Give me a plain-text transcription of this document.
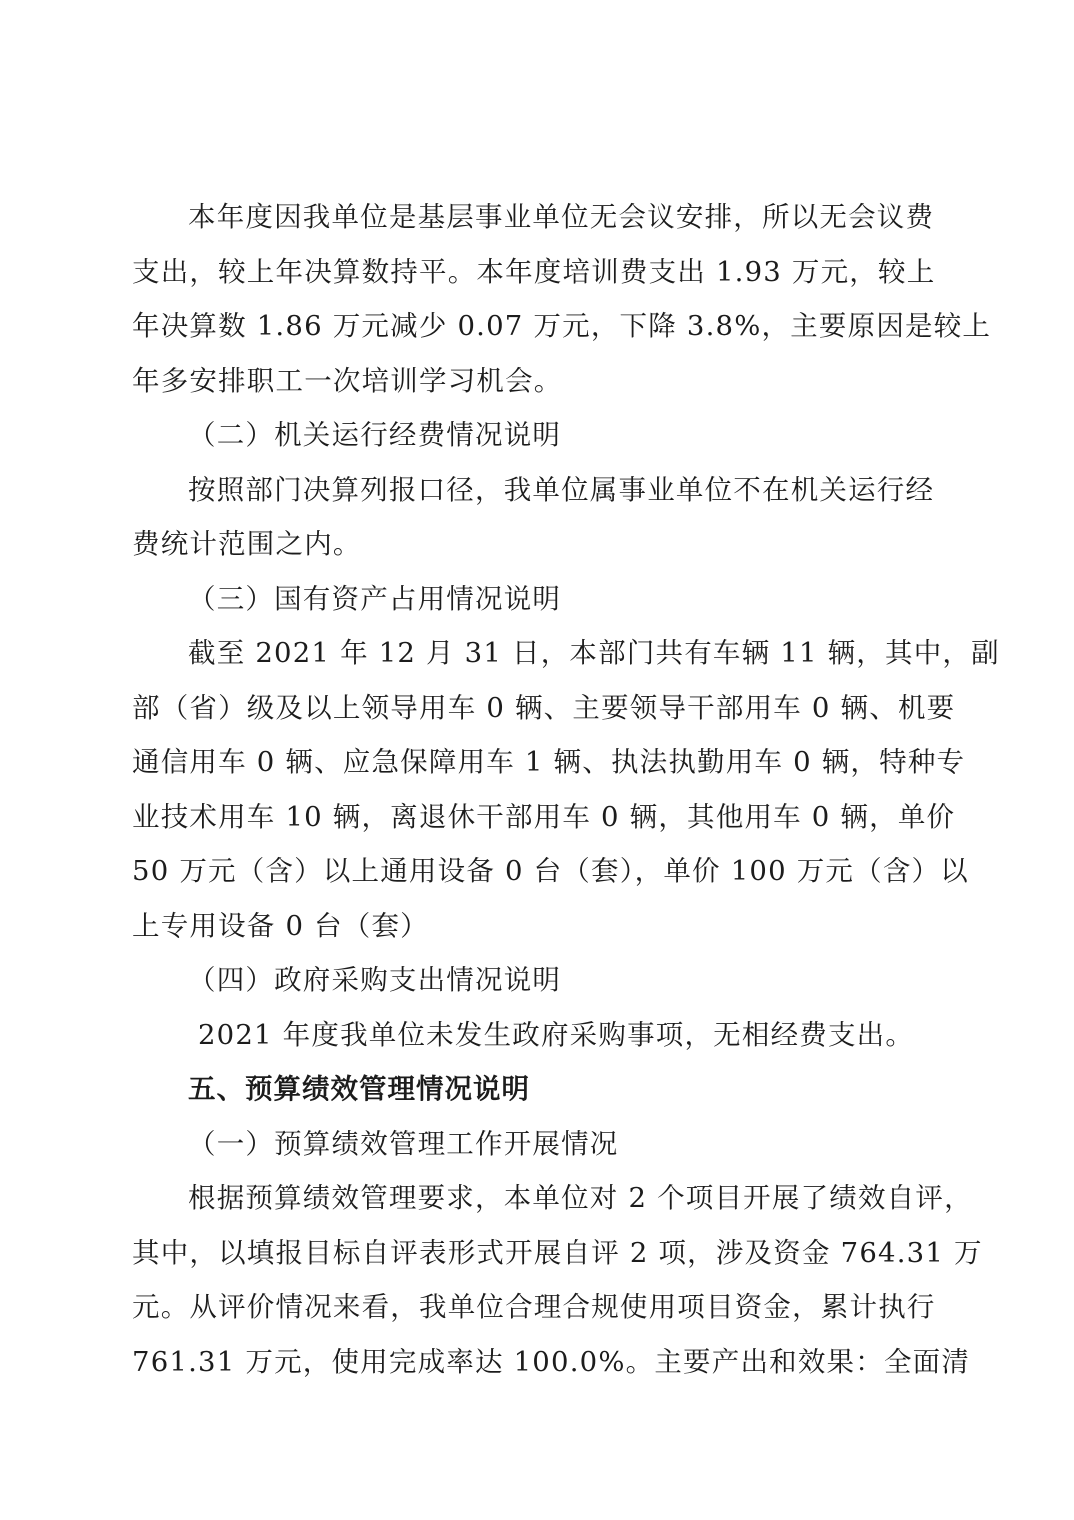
本年度因我单位是基层事业单位无会议安排，所以无会议费
支出，较上年决算数持平。本年度培训费支出 1.93 万元，较上
年决算数 1.86 万元减少 0.07 万元，下降 3.8%，主要原因是较上
年多安排职工一次培训学习机会。

（二）机关运行经费情况说明

按照部门决算列报口径，我单位属事业单位不在机关运行经
费统计范围之内。

（三）国有资产占用情况说明

截至 2021 年 12 月 31 日，本部门共有车辆 11 辆，其中，副
部（省）级及以上领导用车 0 辆、主要领导干部用车 0 辆、机要
通信用车 0 辆、应急保障用车 1 辆、执法执勤用车 0 辆，特种专
业技术用车 10 辆，离退休干部用车 0 辆，其他用车 0 辆，单价
50 万元（含）以上通用设备 0 台（套），单价 100 万元（含）以
上专用设备 0 台（套）

（四）政府采购支出情况说明

2021 年度我单位未发生政府采购事项，无相经费支出。

五、预算绩效管理情况说明

（一）预算绩效管理工作开展情况

根据预算绩效管理要求，本单位对 2 个项目开展了绩效自评，
其中，以填报目标自评表形式开展自评 2 项，涉及资金 764.31 万
元。从评价情况来看，我单位合理合规使用项目资金，累计执行
761.31 万元，使用完成率达 100.0%。主要产出和效果：全面清
